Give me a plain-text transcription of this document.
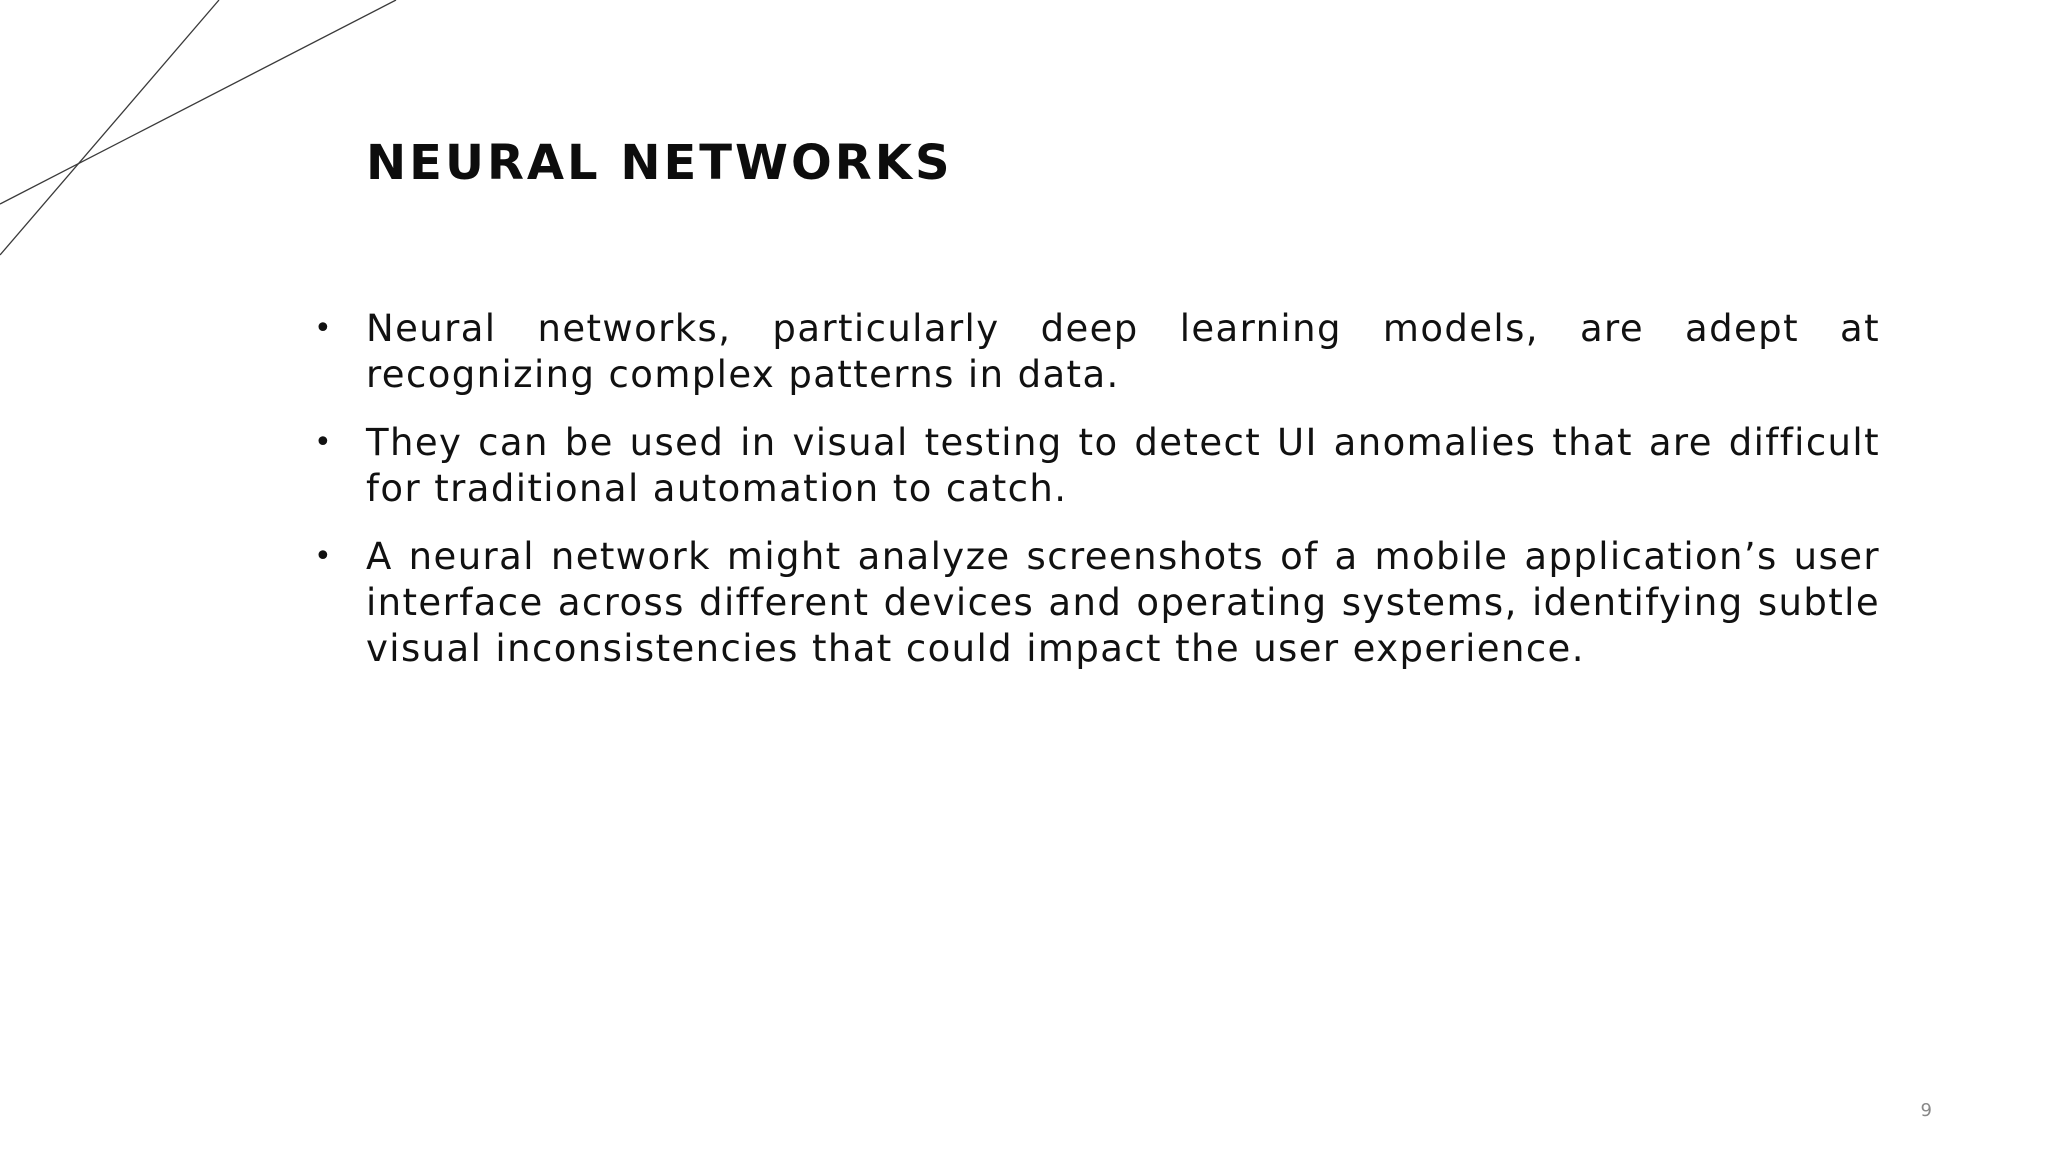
NEURAL NETWORKS
• Neural networks, particularly deep learning models, are adept at recognizing complex patterns in data.
• They can be used in visual testing to detect UI anomalies that are difficult for traditional automation to catch.
• A neural network might analyze screenshots of a mobile application’s user interface across different devices and operating systems, identifying subtle visual inconsistencies that could impact the user experience.
9
